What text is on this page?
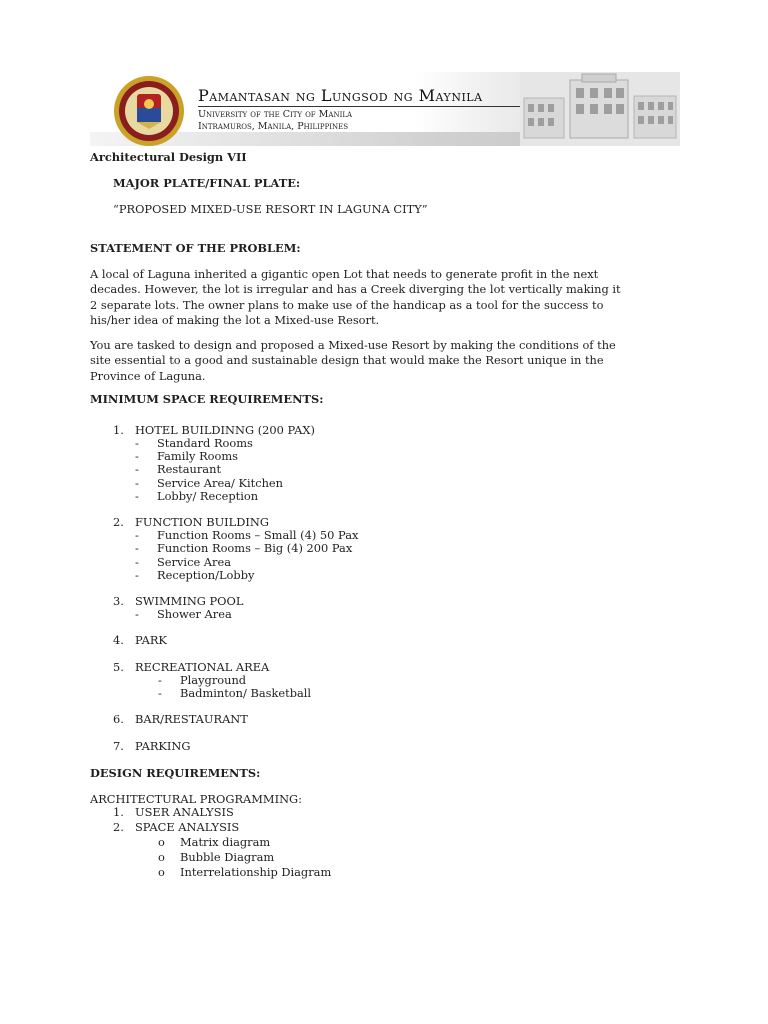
Pamantasan ng Lungsod ng Maynila
University of the City of Manila
Intramuros, Manila, Philippines
Architectural Design VII
MAJOR PLATE/FINAL PLATE:
“PROPOSED MIXED-USE RESORT IN LAGUNA CITY”
STATEMENT OF THE PROBLEM:
A local of Laguna inherited a gigantic open Lot that needs to generate profit in the next
decades. However, the lot is irregular and has a Creek diverging the lot vertically making it
2 separate lots. The owner plans to make use of the handicap as a tool for the success to
his/her idea of making the lot a Mixed-use Resort.
You are tasked to design and proposed a Mixed-use Resort by making the conditions of the
site essential to a good and sustainable design that would make the Resort unique in the
Province of Laguna.
MINIMUM SPACE REQUIREMENTS:
1. HOTEL BUILDINNG (200 PAX)
- Standard Rooms
- Family Rooms
- Restaurant
- Service Area/ Kitchen
- Lobby/ Reception
2. FUNCTION BUILDING
- Function Rooms – Small (4) 50 Pax
- Function Rooms – Big (4) 200 Pax
- Service Area
- Reception/Lobby
3. SWIMMING POOL
- Shower Area
4. PARK
5. RECREATIONAL AREA
- Playground
- Badminton/ Basketball
6. BAR/RESTAURANT
7. PARKING
DESIGN REQUIREMENTS:
ARCHITECTURAL PROGRAMMING:
1. USER ANALYSIS
2. SPACE ANALYSIS
o Matrix diagram
o Bubble Diagram
o Interrelationship Diagram
